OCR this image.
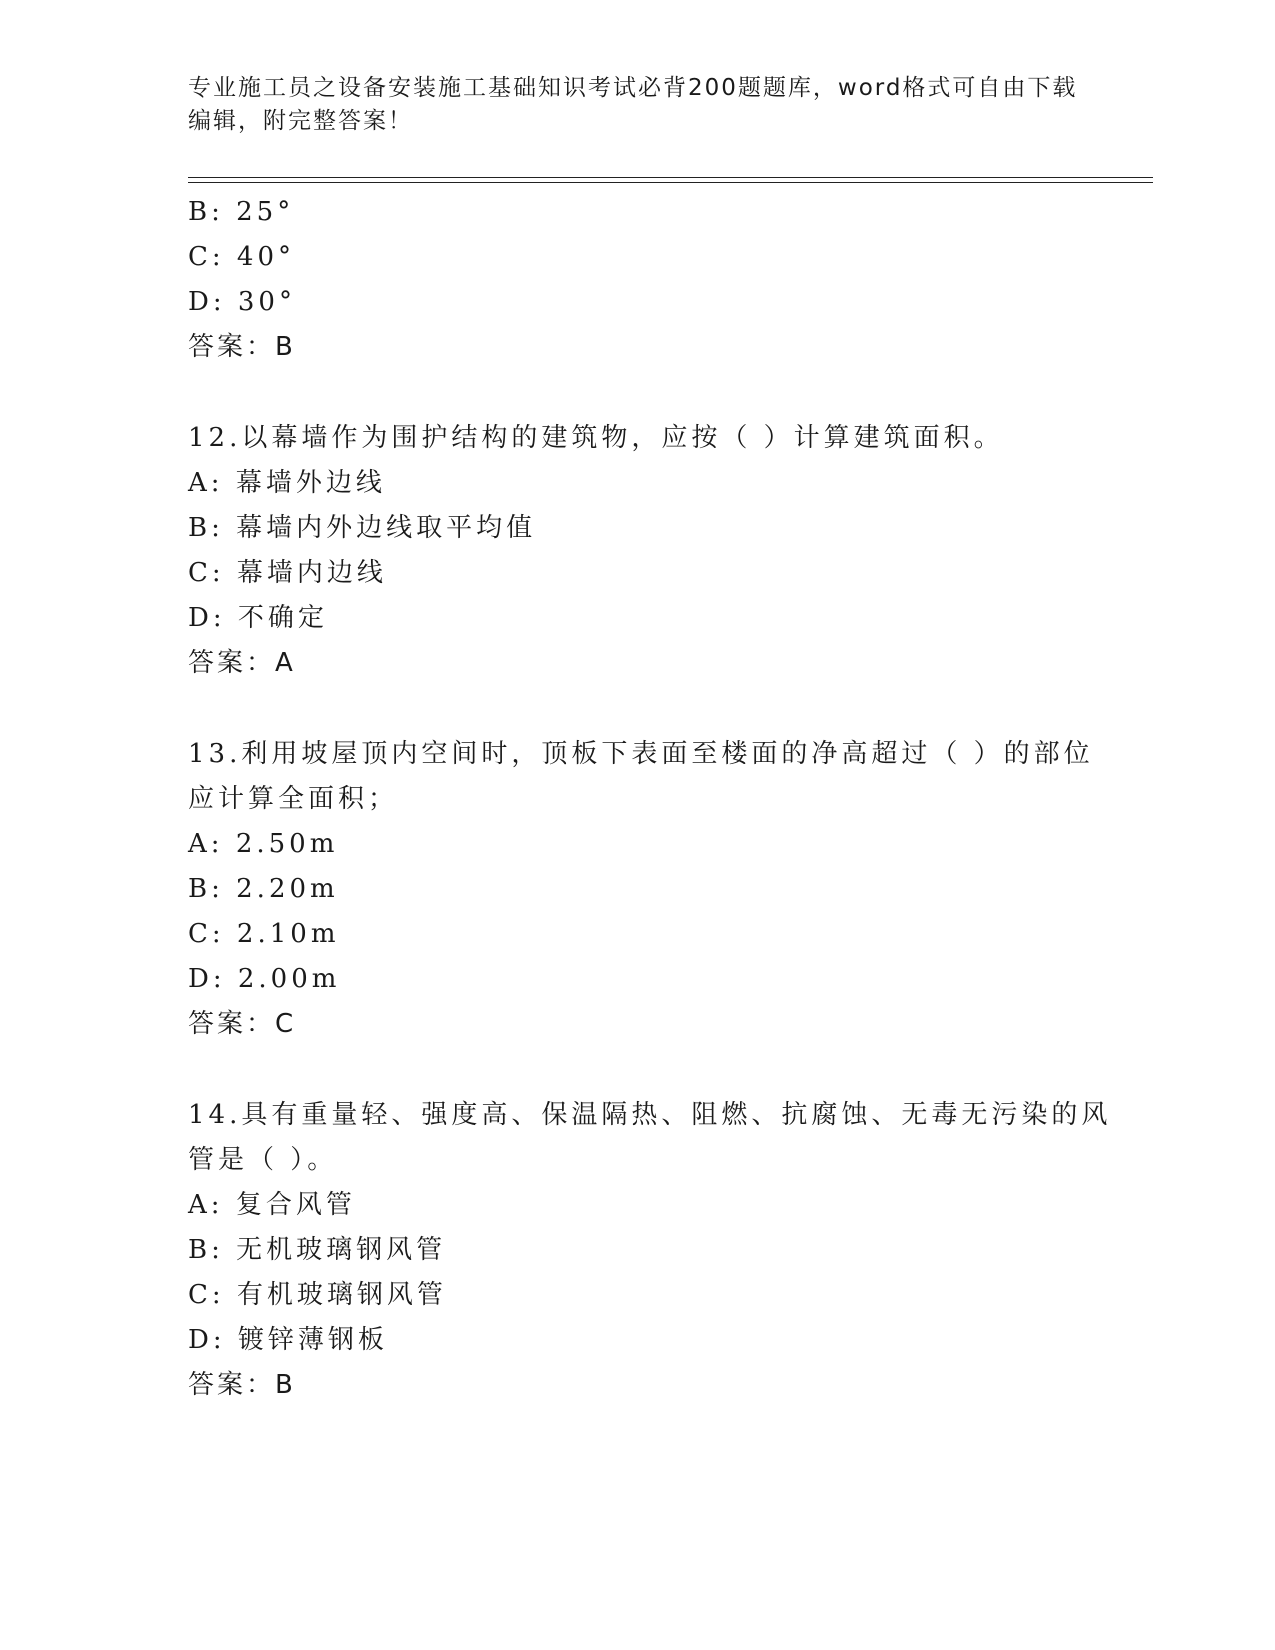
专业施工员之设备安装施工基础知识考试必背200题题库，word格式可自由下载
编辑，附完整答案！
B: 25°
C: 40°
D: 30°
答案：B
12.以幕墙作为围护结构的建筑物，应按（ ）计算建筑面积。
A: 幕墙外边线
B: 幕墙内外边线取平均值
C: 幕墙内边线
D: 不确定
答案：A
13.利用坡屋顶内空间时，顶板下表面至楼面的净高超过（ ）的部位
应计算全面积；
A: 2.50m
B: 2.20m
C: 2.10m
D: 2.00m
答案：C
14.具有重量轻、强度高、保温隔热、阻燃、抗腐蚀、无毒无污染的风
管是（ ）。
A: 复合风管
B: 无机玻璃钢风管
C: 有机玻璃钢风管
D: 镀锌薄钢板
答案：B
